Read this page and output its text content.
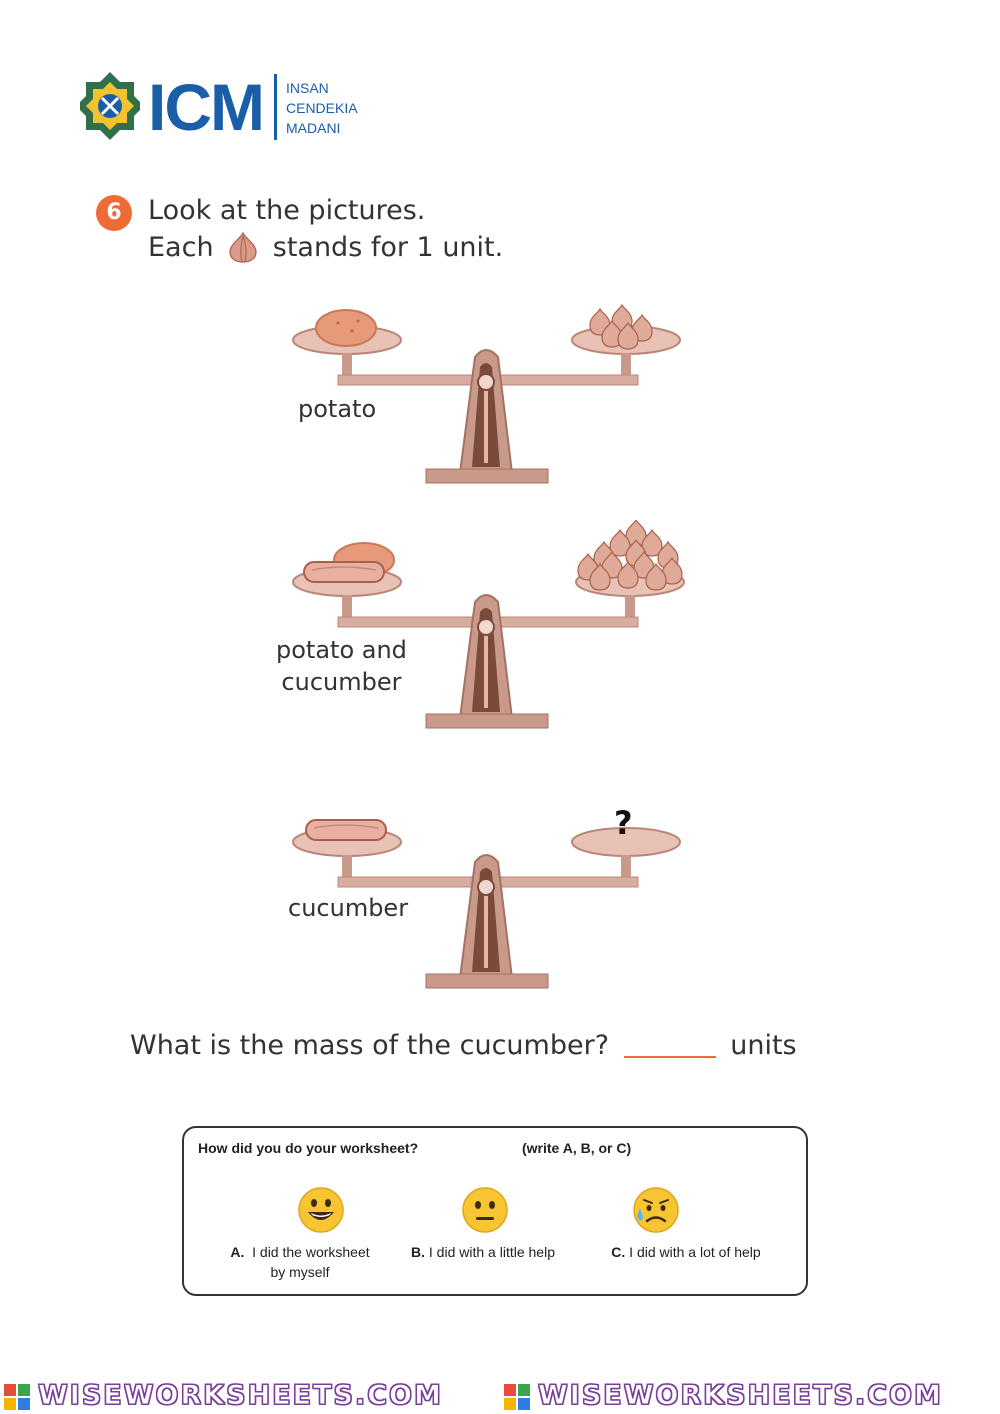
ICM INSAN
CENDEKIA
MADANI
6 Look at the pictures.
Each stands for 1 unit.
potato
potato and
cucumber
?
cucumber
What is the mass of the cucumber?	units
How did you do your worksheet?	(write A, B, or C)
A. I did the worksheet
by myself
B. I did with a little help	C. I did with a lot of help
WISEWORKSHEETS.COM	WISEWORKSHEETS.COM
